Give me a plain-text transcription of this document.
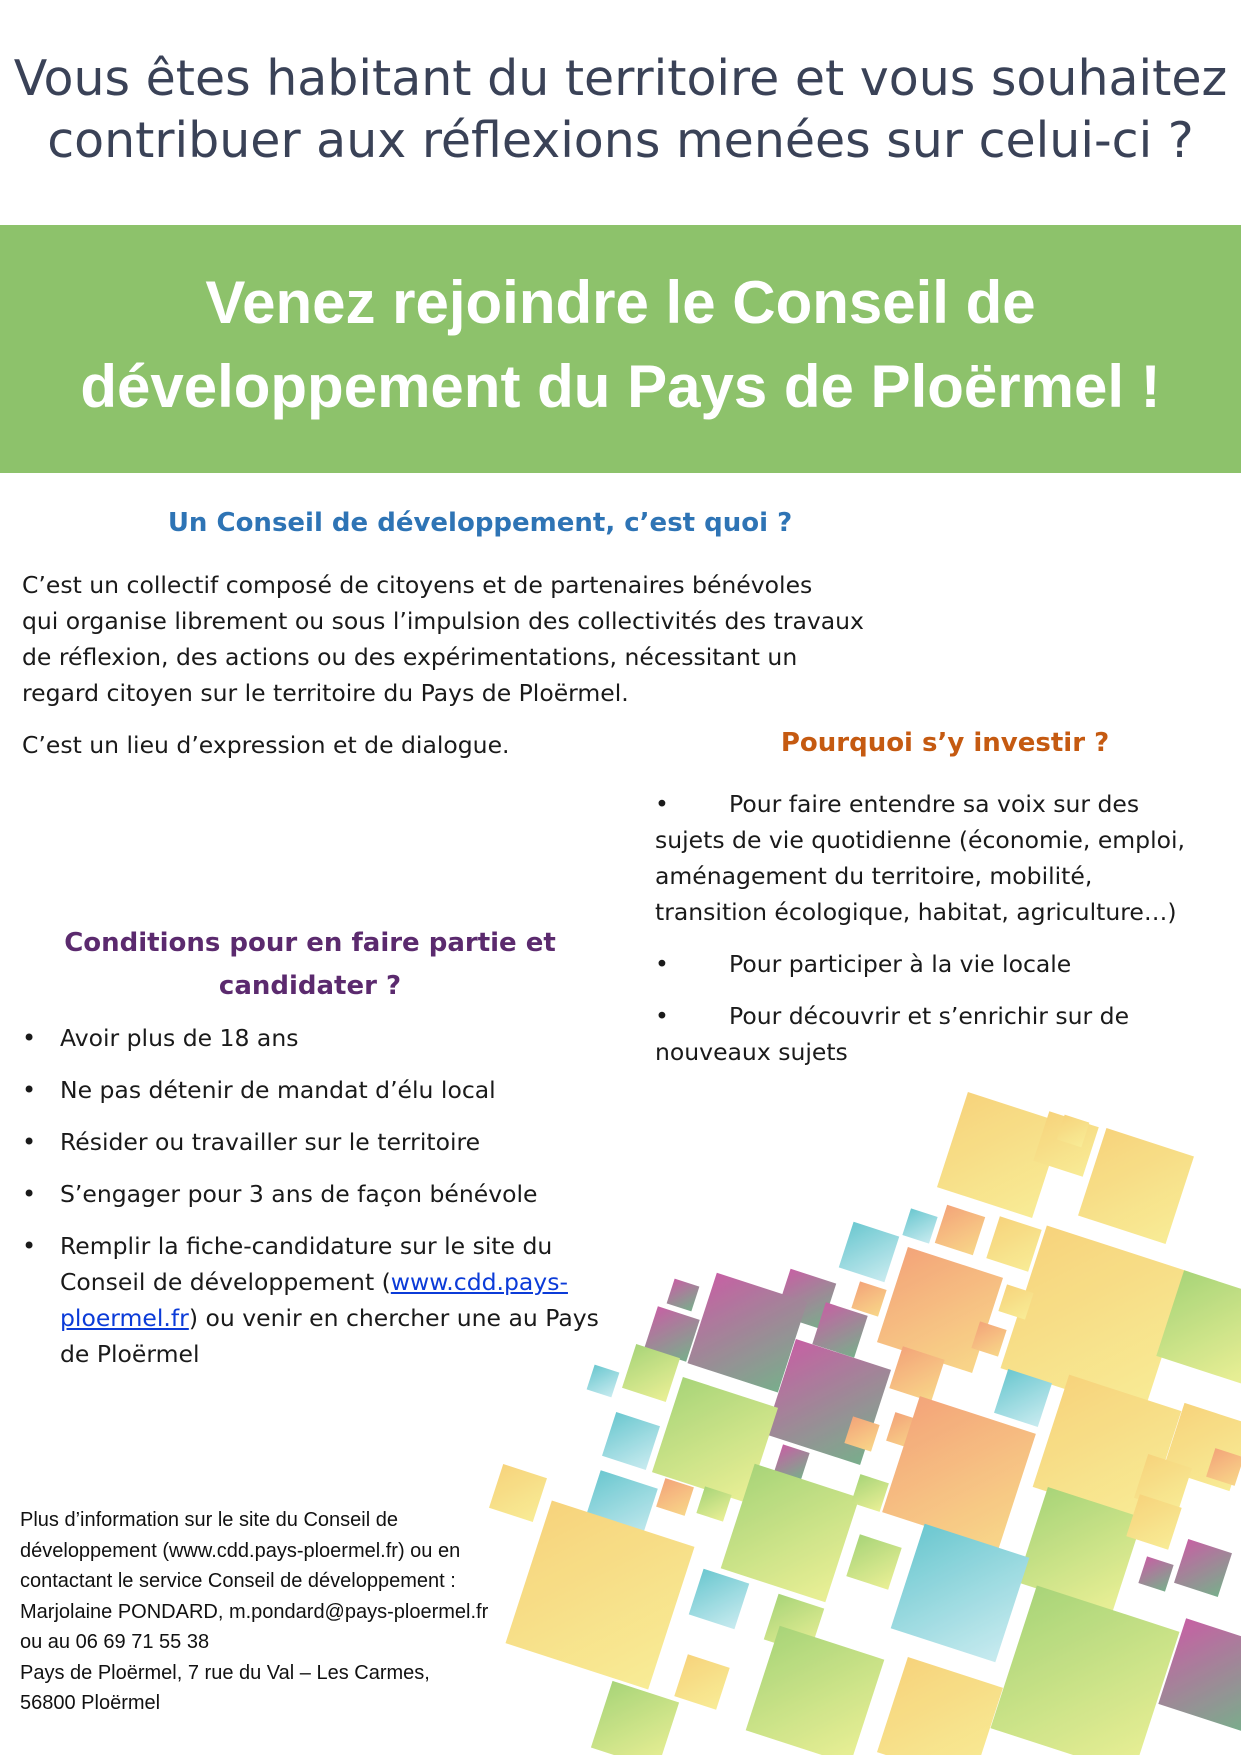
Vous êtes habitant du territoire et vous souhaitez
contribuer aux réflexions menées sur celui-ci ?
Venez rejoindre le Conseil de
développement du Pays de Ploërmel !
Un Conseil de développement, c’est quoi ?
C’est un collectif composé de citoyens et de partenaires bénévoles
qui organise librement ou sous l’impulsion des collectivités des travaux
de réflexion, des actions ou des expérimentations, nécessitant un
regard citoyen sur le territoire du Pays de Ploërmel.

C’est un lieu d’expression et de dialogue.	Pourquoi s’y investir ?

•	Pour faire entendre sa voix sur des sujets de vie quotidienne (économie, emploi, aménagement du territoire, mobilité, transition écologique, habitat, agriculture…)

•	Pour participer à la vie locale

•	Pour découvrir et s’enrichir sur de nouveaux sujets

Conditions pour en faire partie et
candidater ?
• Avoir plus de 18 ans
• Ne pas détenir de mandat d’élu local
• Résider ou travailler sur le territoire
• S’engager pour 3 ans de façon bénévole
• Remplir la fiche-candidature sur le site du Conseil de développement (www.cdd.pays-ploermel.fr) ou venir en chercher une au Pays de Ploërmel
Plus d’information sur le site du Conseil de
développement (www.cdd.pays-ploermel.fr) ou en
contactant le service Conseil de développement :
Marjolaine PONDARD, m.pondard@pays-ploermel.fr
ou au 06 69 71 55 38
Pays de Ploërmel, 7 rue du Val – Les Carmes,
56800 Ploërmel
